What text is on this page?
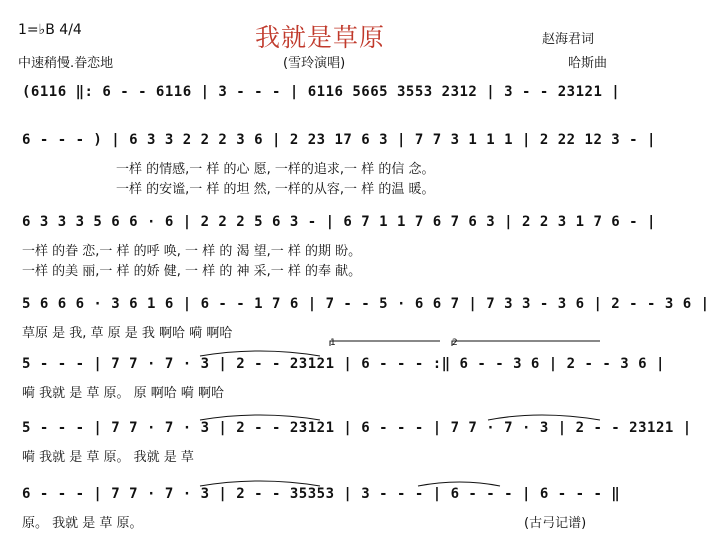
我就是草原
1=♭B 4/4
中速稍慢.眷恋地	(雪玲演唱)
赵海君词
哈斯曲
(6116 ‖: 6 - - 6116 | 3 - - - | 6116 5665 3553 2312 | 3 - - 23121 |
6 - - - ) | 6 3 3 2 2 2 3 6 | 2 23 17 6 3 | 7 7 3 1 1 1 | 2 22 12 3 - |
一样 的情感,一 样 的心 愿, 一样的追求,一 样 的信 念。
一样 的安谧,一 样 的坦 然, 一样的从容,一 样 的温 暖。
6 3 3 3 5 6 6 · 6 | 2 2 2 5 6 3 - | 6 7 1 1 7 6 7 6 3 | 2 2 3 1 7 6 - |
一样 的眷 恋,一 样 的呼 唤, 一 样 的 渴 望,一 样 的期 盼。
一样 的美 丽,一 样 的娇 健, 一 样 的 神 采,一 样 的奉 献。
5 6 6 6 · 3 6 1 6 | 6 - - 1 7 6 | 7 - - 5 · 6 6 7 | 7 3 3 - 3 6 | 2 - - 3 6 |
草原 是 我, 草 原 是 我 啊哈 嗬 啊哈
1	2
5 - - - | 7 7 · 7 · 3 | 2 - - 23121 | 6 - - - :‖ 6 - - 3 6 | 2 - - 3 6 |
嗬 我就 是 草 原。 原 啊哈 嗬 啊哈
5 - - - | 7 7 · 7 · 3 | 2 - - 23121 | 6 - - - | 7 7 · 7 · 3 | 2 - - 23121 |
嗬 我就 是 草 原。 我就 是 草
6 - - - | 7 7 · 7 · 3 | 2 - - 35353 | 3 - - - | 6 - - - | 6 - - - ‖
原。 我就 是 草 原。	(古弓记谱)
